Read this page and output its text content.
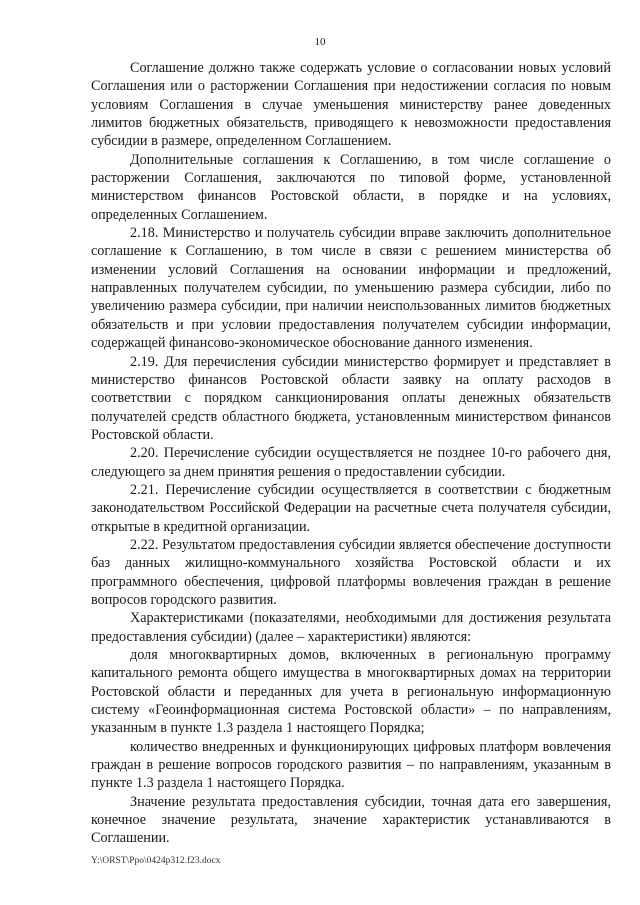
10

Соглашение должно также содержать условие о согласовании новых условий Соглашения или о расторжении Соглашения при недостижении согласия по новым условиям Соглашения в случае уменьшения министерству ранее доведенных лимитов бюджетных обязательств, приводящего к невозможности предоставления субсидии в размере, определенном Соглашением.

Дополнительные соглашения к Соглашению, в том числе соглашение о расторжении Соглашения, заключаются по типовой форме, установленной министерством финансов Ростовской области, в порядке и на условиях, определенных Соглашением.

2.18. Министерство и получатель субсидии вправе заключить дополнительное соглашение к Соглашению, в том числе в связи с решением министерства об изменении условий Соглашения на основании информации и предложений, направленных получателем субсидии, по уменьшению размера субсидии, либо по увеличению размера субсидии, при наличии неиспользованных лимитов бюджетных обязательств и при условии предоставления получателем субсидии информации, содержащей финансово-экономическое обоснование данного изменения.

2.19. Для перечисления субсидии министерство формирует и представляет в министерство финансов Ростовской области заявку на оплату расходов в соответствии с порядком санкционирования оплаты денежных обязательств получателей средств областного бюджета, установленным министерством финансов Ростовской области.

2.20. Перечисление субсидии осуществляется не позднее 10-го рабочего дня, следующего за днем принятия решения о предоставлении субсидии.

2.21. Перечисление субсидии осуществляется в соответствии с бюджетным законодательством Российской Федерации на расчетные счета получателя субсидии, открытые в кредитной организации.

2.22. Результатом предоставления субсидии является обеспечение доступности баз данных жилищно-коммунального хозяйства Ростовской области и их программного обеспечения, цифровой платформы вовлечения граждан в решение вопросов городского развития.

Характеристиками (показателями, необходимыми для достижения результата предоставления субсидии) (далее – характеристики) являются:

доля многоквартирных домов, включенных в региональную программу капитального ремонта общего имущества в многоквартирных домах на территории Ростовской области и переданных для учета в региональную информационную систему «Геоинформационная система Ростовской области» – по направлениям, указанным в пункте 1.3 раздела 1 настоящего Порядка;

количество внедренных и функционирующих цифровых платформ вовлечения граждан в решение вопросов городского развития – по направлениям, указанным в пункте 1.3 раздела 1 настоящего Порядка.

Значение результата предоставления субсидии, точная дата его завершения, конечное значение результата, значение характеристик устанавливаются в Соглашении.

Y:\ORST\Ppo\0424p312.f23.docx
